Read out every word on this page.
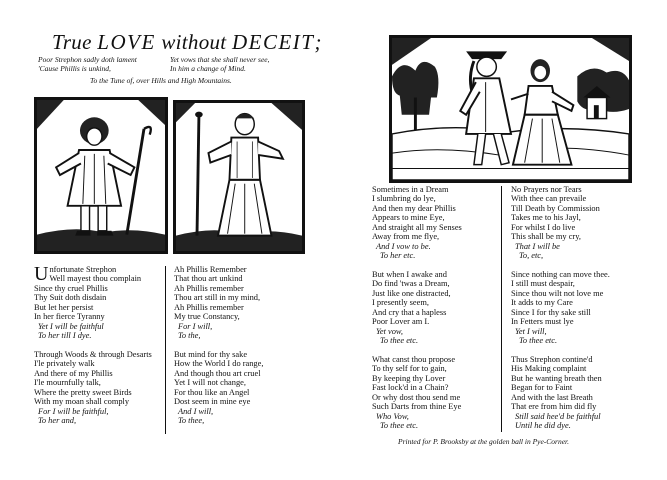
True LOVE without DECEIT;
Poor Strephon sadly doth lament
'Cause Phillis is unkind,
Yet vows that she shall never see,
In him a change of Mind.
To the Tune of, over Hills and High Mountains.
U nfortunate Strephon
Well mayest thou complain
Since thy cruel Phillis
Thy Suit doth disdain
But let her persist
In her fierce Tyranny
Yet I will be faithful
To her till I dye.
Through Woods & through Desarts
I'le privately walk
And there of my Phillis
I'le mournfully talk,
Where the pretty sweet Birds
With my moan shall comply
For I will be faithful,
To her and,
Ah Phillis Remember
That thou art unkind
Ah Phillis remember
Thou art still in my mind,
Ah Phillis remember
My true Constancy,
For I will,
To the,
But mind for thy sake
How the World I do range,
And though thou art cruel
Yet I will not change,
For thou like an Angel
Dost seem in mine eye
And I will,
To thee,
Sometimes in a Dream
I slumbring do lye,
And then my dear Phillis
Appears to mine Eye,
And straight all my Senses
Away from me flye,
And I vow to be.
To her etc.
But when I awake and
Do find 'twas a Dream,
Just like one distracted,
I presently seem,
And cry that a hapless
Poor Lover am I.
Yet vow,
To thee etc.
What canst thou propose
To thy self for to gain,
By keeping thy Lover
Fast lock'd in a Chain?
Or why dost thou send me
Such Darts from thine Eye
Who Vow,
To thee etc.
No Prayers nor Tears
With thee can prevaile
Till Death by Commission
Takes me to his Jayl,
For whilst I do live
This shall be my cry,
That I will be
To, etc,
Since nothing can move thee.
I still must despair,
Since thou wilt not love me
It adds to my Care
Since I for thy sake still
In Fetters must lye
Yet I will,
To thee etc.
Thus Strephon contine'd
His Making complaint
But he wanting breath then
Began for to Faint
And with the last Breath
That ere from him did fly
Still said hee'd be faithful
Until he did dye.
Printed for P. Brooksby at the golden ball in Pye-Corner.
